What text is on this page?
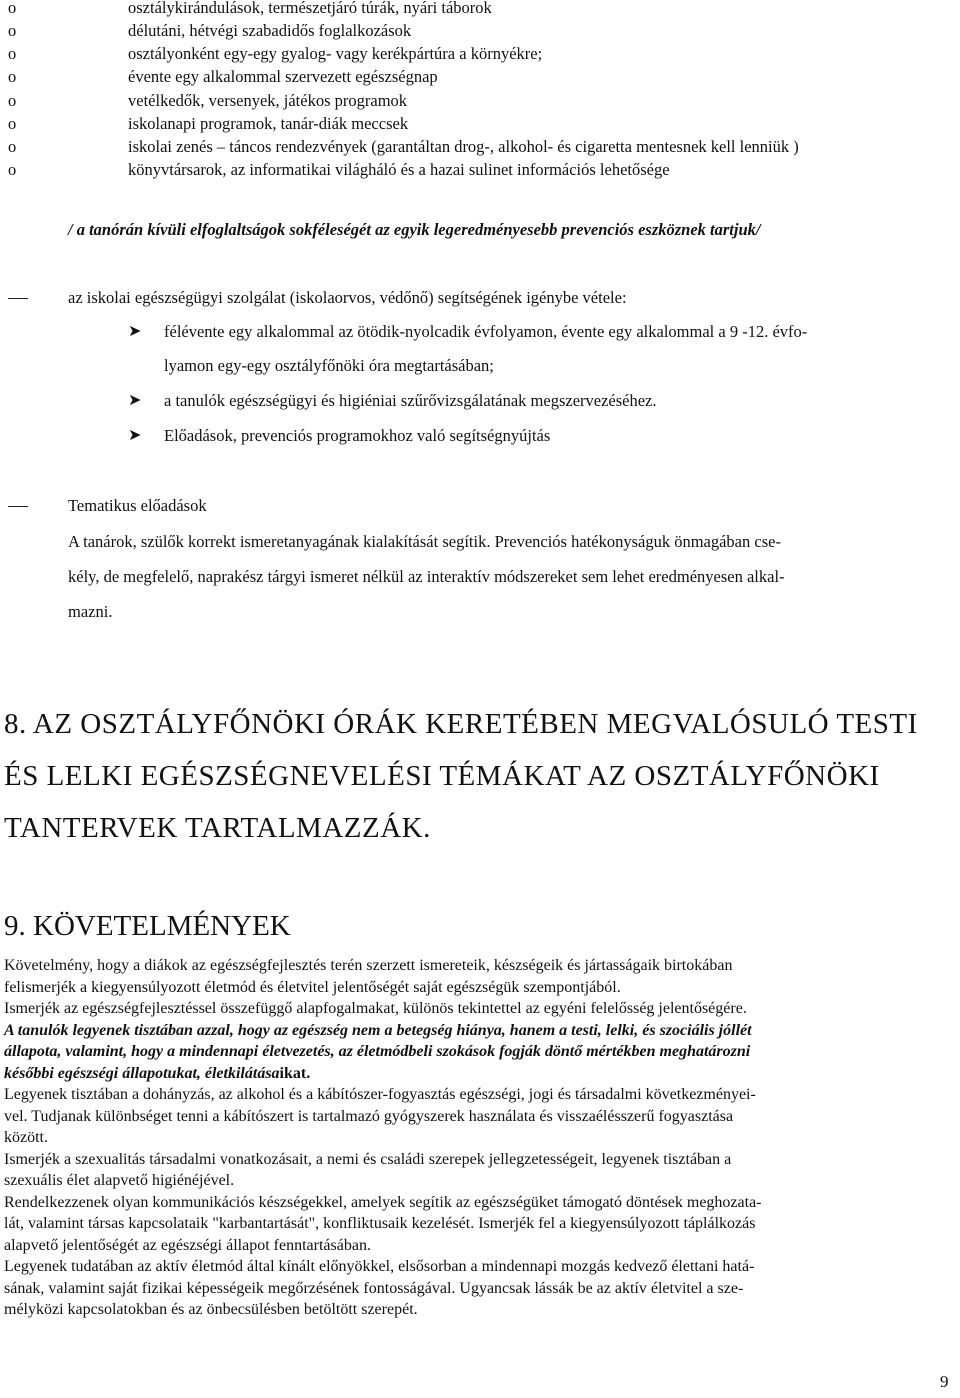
o	osztálykirándulások, természetjáró túrák, nyári táborok
o	délutáni, hétvégi szabadidős foglalkozások
o	osztályonként egy-egy gyalog- vagy kerékpártúra a környékre;
o	évente egy alkalommal szervezett egészségnap
o	vetélkedők, versenyek, játékos programok
o	iskolanapi programok, tanár-diák meccsek
o	iskolai zenés – táncos rendezvények (garantáltan drog-, alkohol- és cigaretta mentesnek kell lenniük )
o	könyvtársarok, az informatikai világháló és a hazai sulinet információs lehetősége
/ a tanórán kívüli elfoglaltságok sokféleségét az egyik legeredményesebb prevenciós eszköznek tartjuk/
az iskolai egészségügyi szolgálat (iskolaorvos, védőnő) segítségének igénybe vétele:
➤ félévente egy alkalommal az ötödik-nyolcadik évfolyamon, évente egy alkalommal a 9 -12. évfo-
lyamon egy-egy osztályfőnöki óra megtartásában;
➤ a tanulók egészségügyi és higiéniai szűrővizsgálatának megszervezéséhez.
➤ Előadások, prevenciós programokhoz való segítségnyújtás
Tematikus előadások
A tanárok, szülők korrekt ismeretanyagának kialakítását segítik. Prevenciós hatékonyságuk önmagában cse-
kély, de megfelelő, naprakész tárgyi ismeret nélkül az interaktív módszereket sem lehet eredményesen alkal-
mazni.
8. AZ OSZTÁLYFŐNÖKI ÓRÁK KERETÉBEN MEGVALÓSULÓ TESTI
ÉS LELKI EGÉSZSÉGNEVELÉSI TÉMÁKAT AZ OSZTÁLYFŐNÖKI
TANTERVEK TARTALMAZZÁK.
9. KÖVETELMÉNYEK
Követelmény, hogy a diákok az egészségfejlesztés terén szerzett ismereteik, készségeik és jártasságaik birtokában
felismerjék a kiegyensúlyozott életmód és életvitel jelentőségét saját egészségük szempontjából.
Ismerjék az egészségfejlesztéssel összefüggő alapfogalmakat, különös tekintettel az egyéni felelősség jelentőségére.
A tanulók legyenek tisztában azzal, hogy az egészség nem a betegség hiánya, hanem a testi, lelki, és szociális jóllét
állapota, valamint, hogy a mindennapi életvezetés, az életmódbeli szokások fogják döntő mértékben meghatározni
későbbi egészségi állapotukat, életkilátásaikat.
Legyenek tisztában a dohányzás, az alkohol és a kábítószer-fogyasztás egészségi, jogi és társadalmi következményei-
vel. Tudjanak különbséget tenni a kábítószert is tartalmazó gyógyszerek használata és visszaélésszerű fogyasztása
között.
Ismerjék a szexualitás társadalmi vonatkozásait, a nemi és családi szerepek jellegzetességeit, legyenek tisztában a
szexuális élet alapvető higiénéjével.
Rendelkezzenek olyan kommunikációs készségekkel, amelyek segítik az egészségüket támogató döntések meghozata-
lát, valamint társas kapcsolataik "karbantartását", konfliktusaik kezelését. Ismerjék fel a kiegyensúlyozott táplálkozás
alapvető jelentőségét az egészségi állapot fenntartásában.
Legyenek tudatában az aktív életmód által kínált előnyökkel, elsősorban a mindennapi mozgás kedvező élettani hatá-
sának, valamint saját fizikai képességeik megőrzésének fontosságával. Ugyancsak lássák be az aktív életvitel a sze-
mélyközi kapcsolatokban és az önbecsülésben betöltött szerepét.
9
